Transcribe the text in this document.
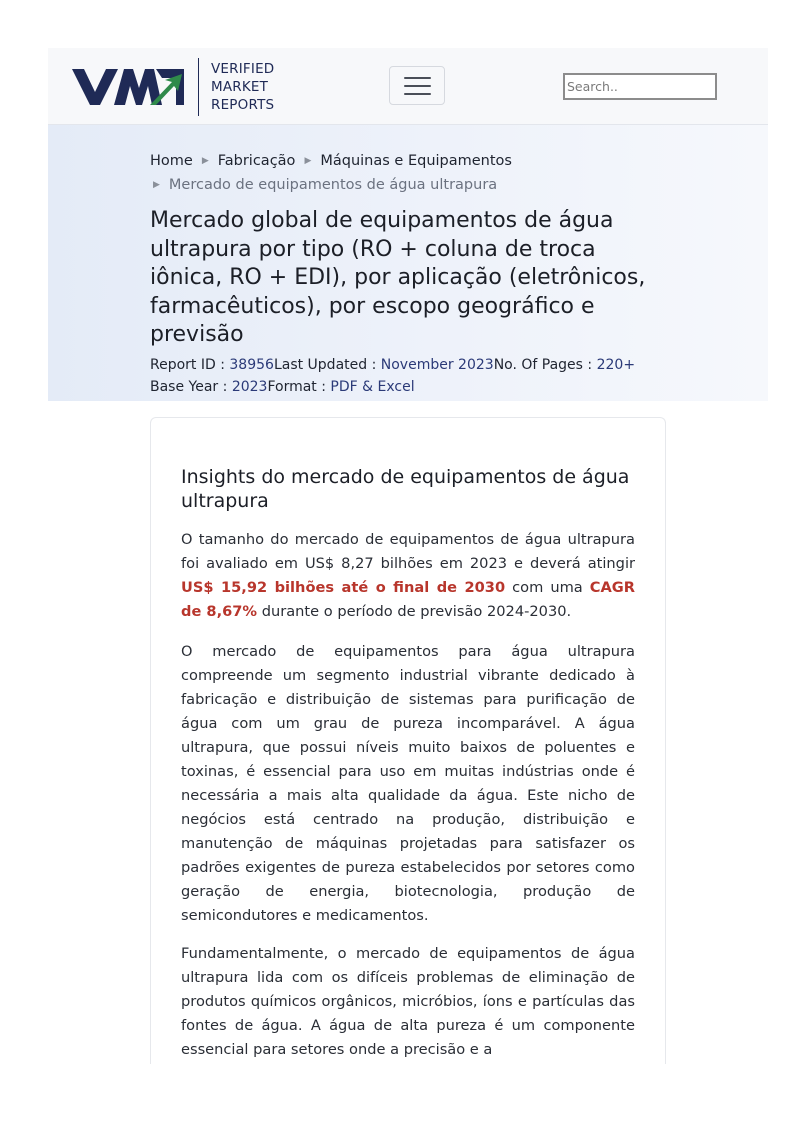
VERIFIED
MARKET
REPORTS
Search..
Home ▶ Fabricação ▶ Máquinas e Equipamentos
▶ Mercado de equipamentos de água ultrapura
Mercado global de equipamentos de água ultrapura por tipo (RO + coluna de troca iônica, RO + EDI), por aplicação (eletrônicos, farmacêuticos), por escopo geográfico e previsão
Report ID : 38956Last Updated : November 2023No. Of Pages : 220+
Base Year : 2023Format : PDF & Excel
Insights do mercado de equipamentos de água ultrapura

O tamanho do mercado de equipamentos de água ultrapura foi avaliado em US$ 8,27 bilhões em 2023 e deverá atingir US$ 15,92 bilhões até o final de 2030 com uma CAGR de 8,67% durante o período de previsão 2024-2030.

O mercado de equipamentos para água ultrapura compreende um segmento industrial vibrante dedicado à fabricação e distribuição de sistemas para purificação de água com um grau de pureza incomparável. A água ultrapura, que possui níveis muito baixos de poluentes e toxinas, é essencial para uso em muitas indústrias onde é necessária a mais alta qualidade da água. Este nicho de negócios está centrado na produção, distribuição e manutenção de máquinas projetadas para satisfazer os padrões exigentes de pureza estabelecidos por setores como geração de energia, biotecnologia, produção de semicondutores e medicamentos.

Fundamentalmente, o mercado de equipamentos de água ultrapura lida com os difíceis problemas de eliminação de produtos químicos orgânicos, micróbios, íons e partículas das fontes de água. A água de alta pureza é um componente essencial para setores onde a precisão e a
